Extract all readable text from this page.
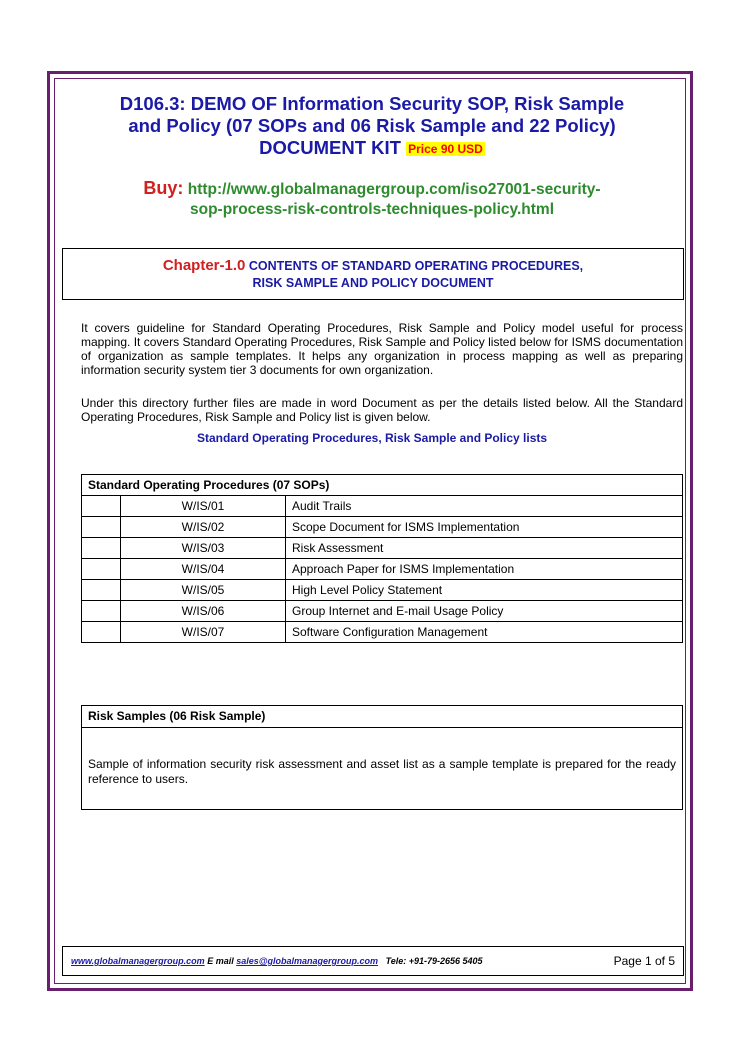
D106.3: DEMO OF Information Security SOP, Risk Sample
and Policy (07 SOPs and 06 Risk Sample and 22 Policy)
DOCUMENT KIT Price 90 USD
Buy: http://www.globalmanagergroup.com/iso27001-security-
sop-process-risk-controls-techniques-policy.html
Chapter-1.0 CONTENTS OF STANDARD OPERATING PROCEDURES,
RISK SAMPLE AND POLICY DOCUMENT
It covers guideline for Standard Operating Procedures, Risk Sample and Policy model useful for process mapping. It covers Standard Operating Procedures, Risk Sample and Policy listed below for ISMS documentation of organization as sample templates. It helps any organization in process mapping as well as preparing information security system tier 3 documents for own organization.
Under this directory further files are made in word Document as per the details listed below. All the Standard Operating Procedures, Risk Sample and Policy list is given below.
Standard Operating Procedures, Risk Sample and Policy lists
Standard Operating Procedures (07 SOPs)		
	W/IS/01	Audit Trails
	W/IS/02	Scope Document for ISMS Implementation
	W/IS/03	Risk Assessment
	W/IS/04	Approach Paper for ISMS Implementation
	W/IS/05	High Level Policy Statement
	W/IS/06	Group Internet and E-mail Usage Policy
	W/IS/07	Software Configuration Management
Risk Samples (06 Risk Sample)
Sample of information security risk assessment and asset list as a sample template is prepared for the ready reference to users.
www.globalmanagergroup.com E mail sales@globalmanagergroup.com Tele: +91-79-2656 5405	Page 1 of 5
